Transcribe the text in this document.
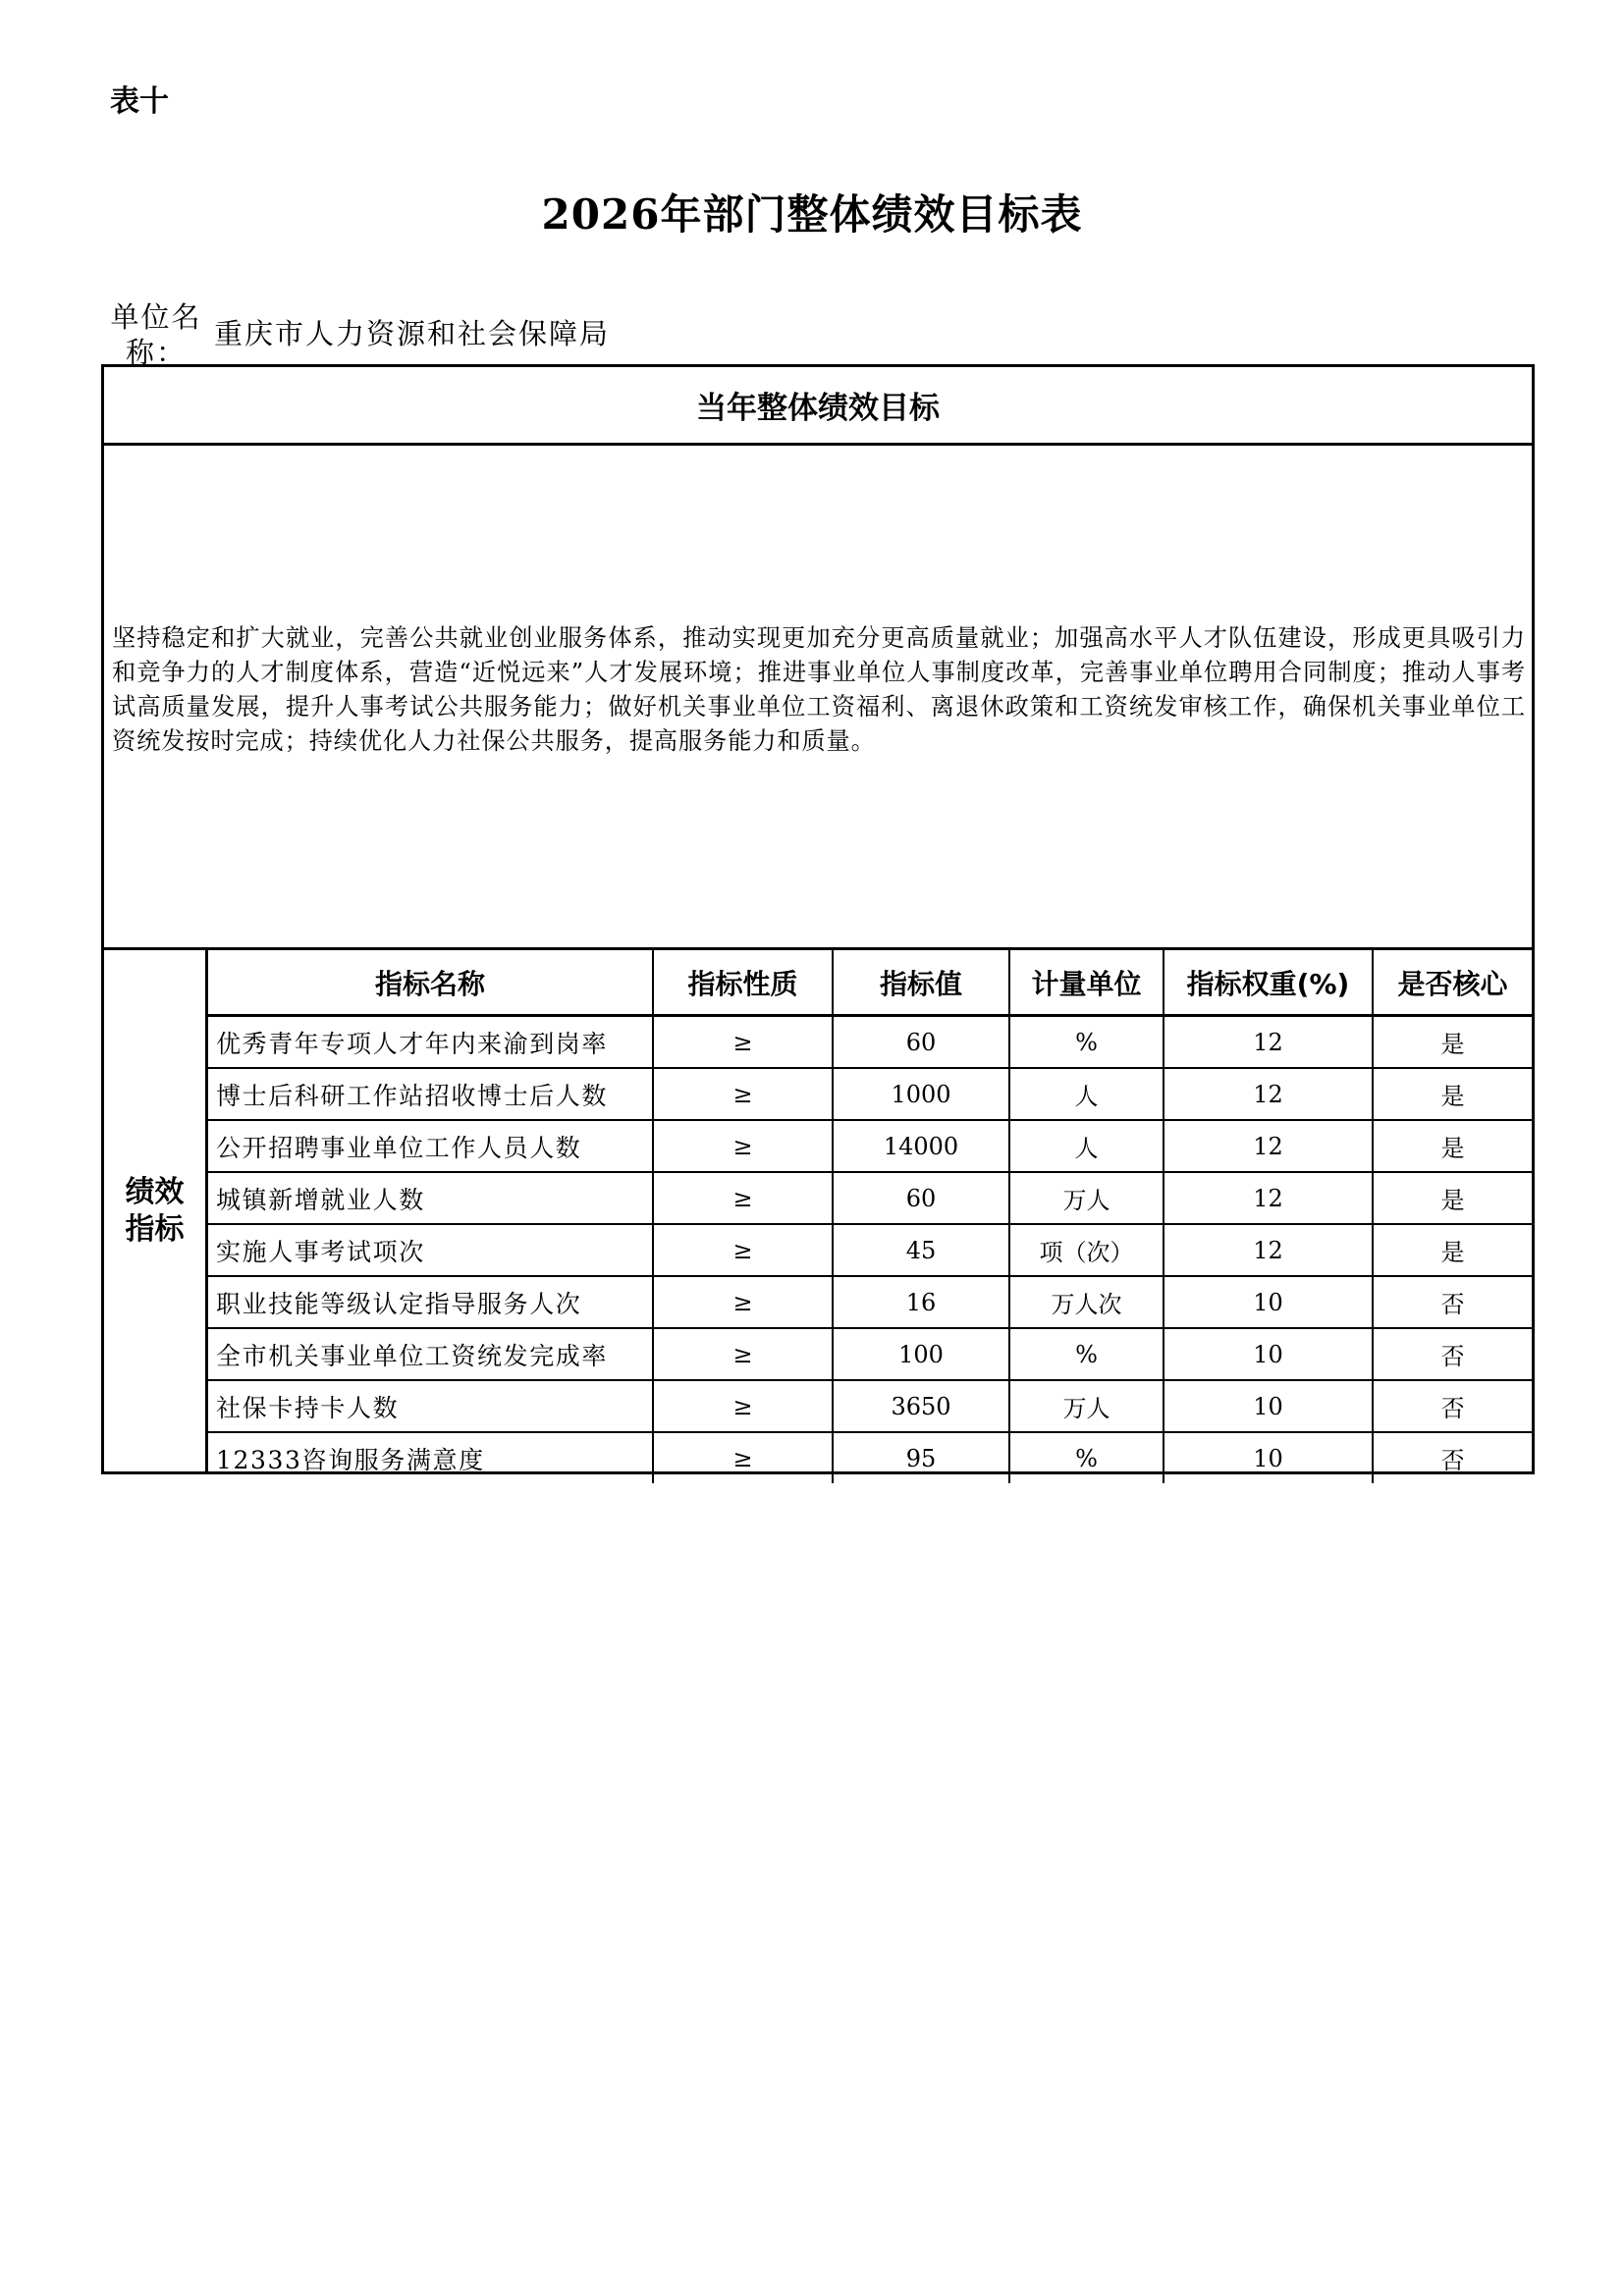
表十
2026年部门整体绩效目标表
单位名称：
重庆市人力资源和社会保障局
当年整体绩效目标
坚持稳定和扩大就业，完善公共就业创业服务体系，推动实现更加充分更高质量就业；加强高水平人才队伍建设，形成更具吸引力和竞争力的人才制度体系，营造“近悦远来”人才发展环境；推进事业单位人事制度改革，完善事业单位聘用合同制度；推动人事考试高质量发展，提升人事考试公共服务能力；做好机关事业单位工资福利、离退休政策和工资统发审核工作，确保机关事业单位工资统发按时完成；持续优化人力社保公共服务，提高服务能力和质量。
绩效指标
指标名称	指标性质	指标值	计量单位	指标权重(%)	是否核心
优秀青年专项人才年内来渝到岗率	≥	60	%	12	是
博士后科研工作站招收博士后人数	≥	1000	人	12	是
公开招聘事业单位工作人员人数	≥	14000	人	12	是
城镇新增就业人数	≥	60	万人	12	是
实施人事考试项次	≥	45	项（次）	12	是
职业技能等级认定指导服务人次	≥	16	万人次	10	否
全市机关事业单位工资统发完成率	≥	100	%	10	否
社保卡持卡人数	≥	3650	万人	10	否
12333咨询服务满意度	≥	95	%	10	否
